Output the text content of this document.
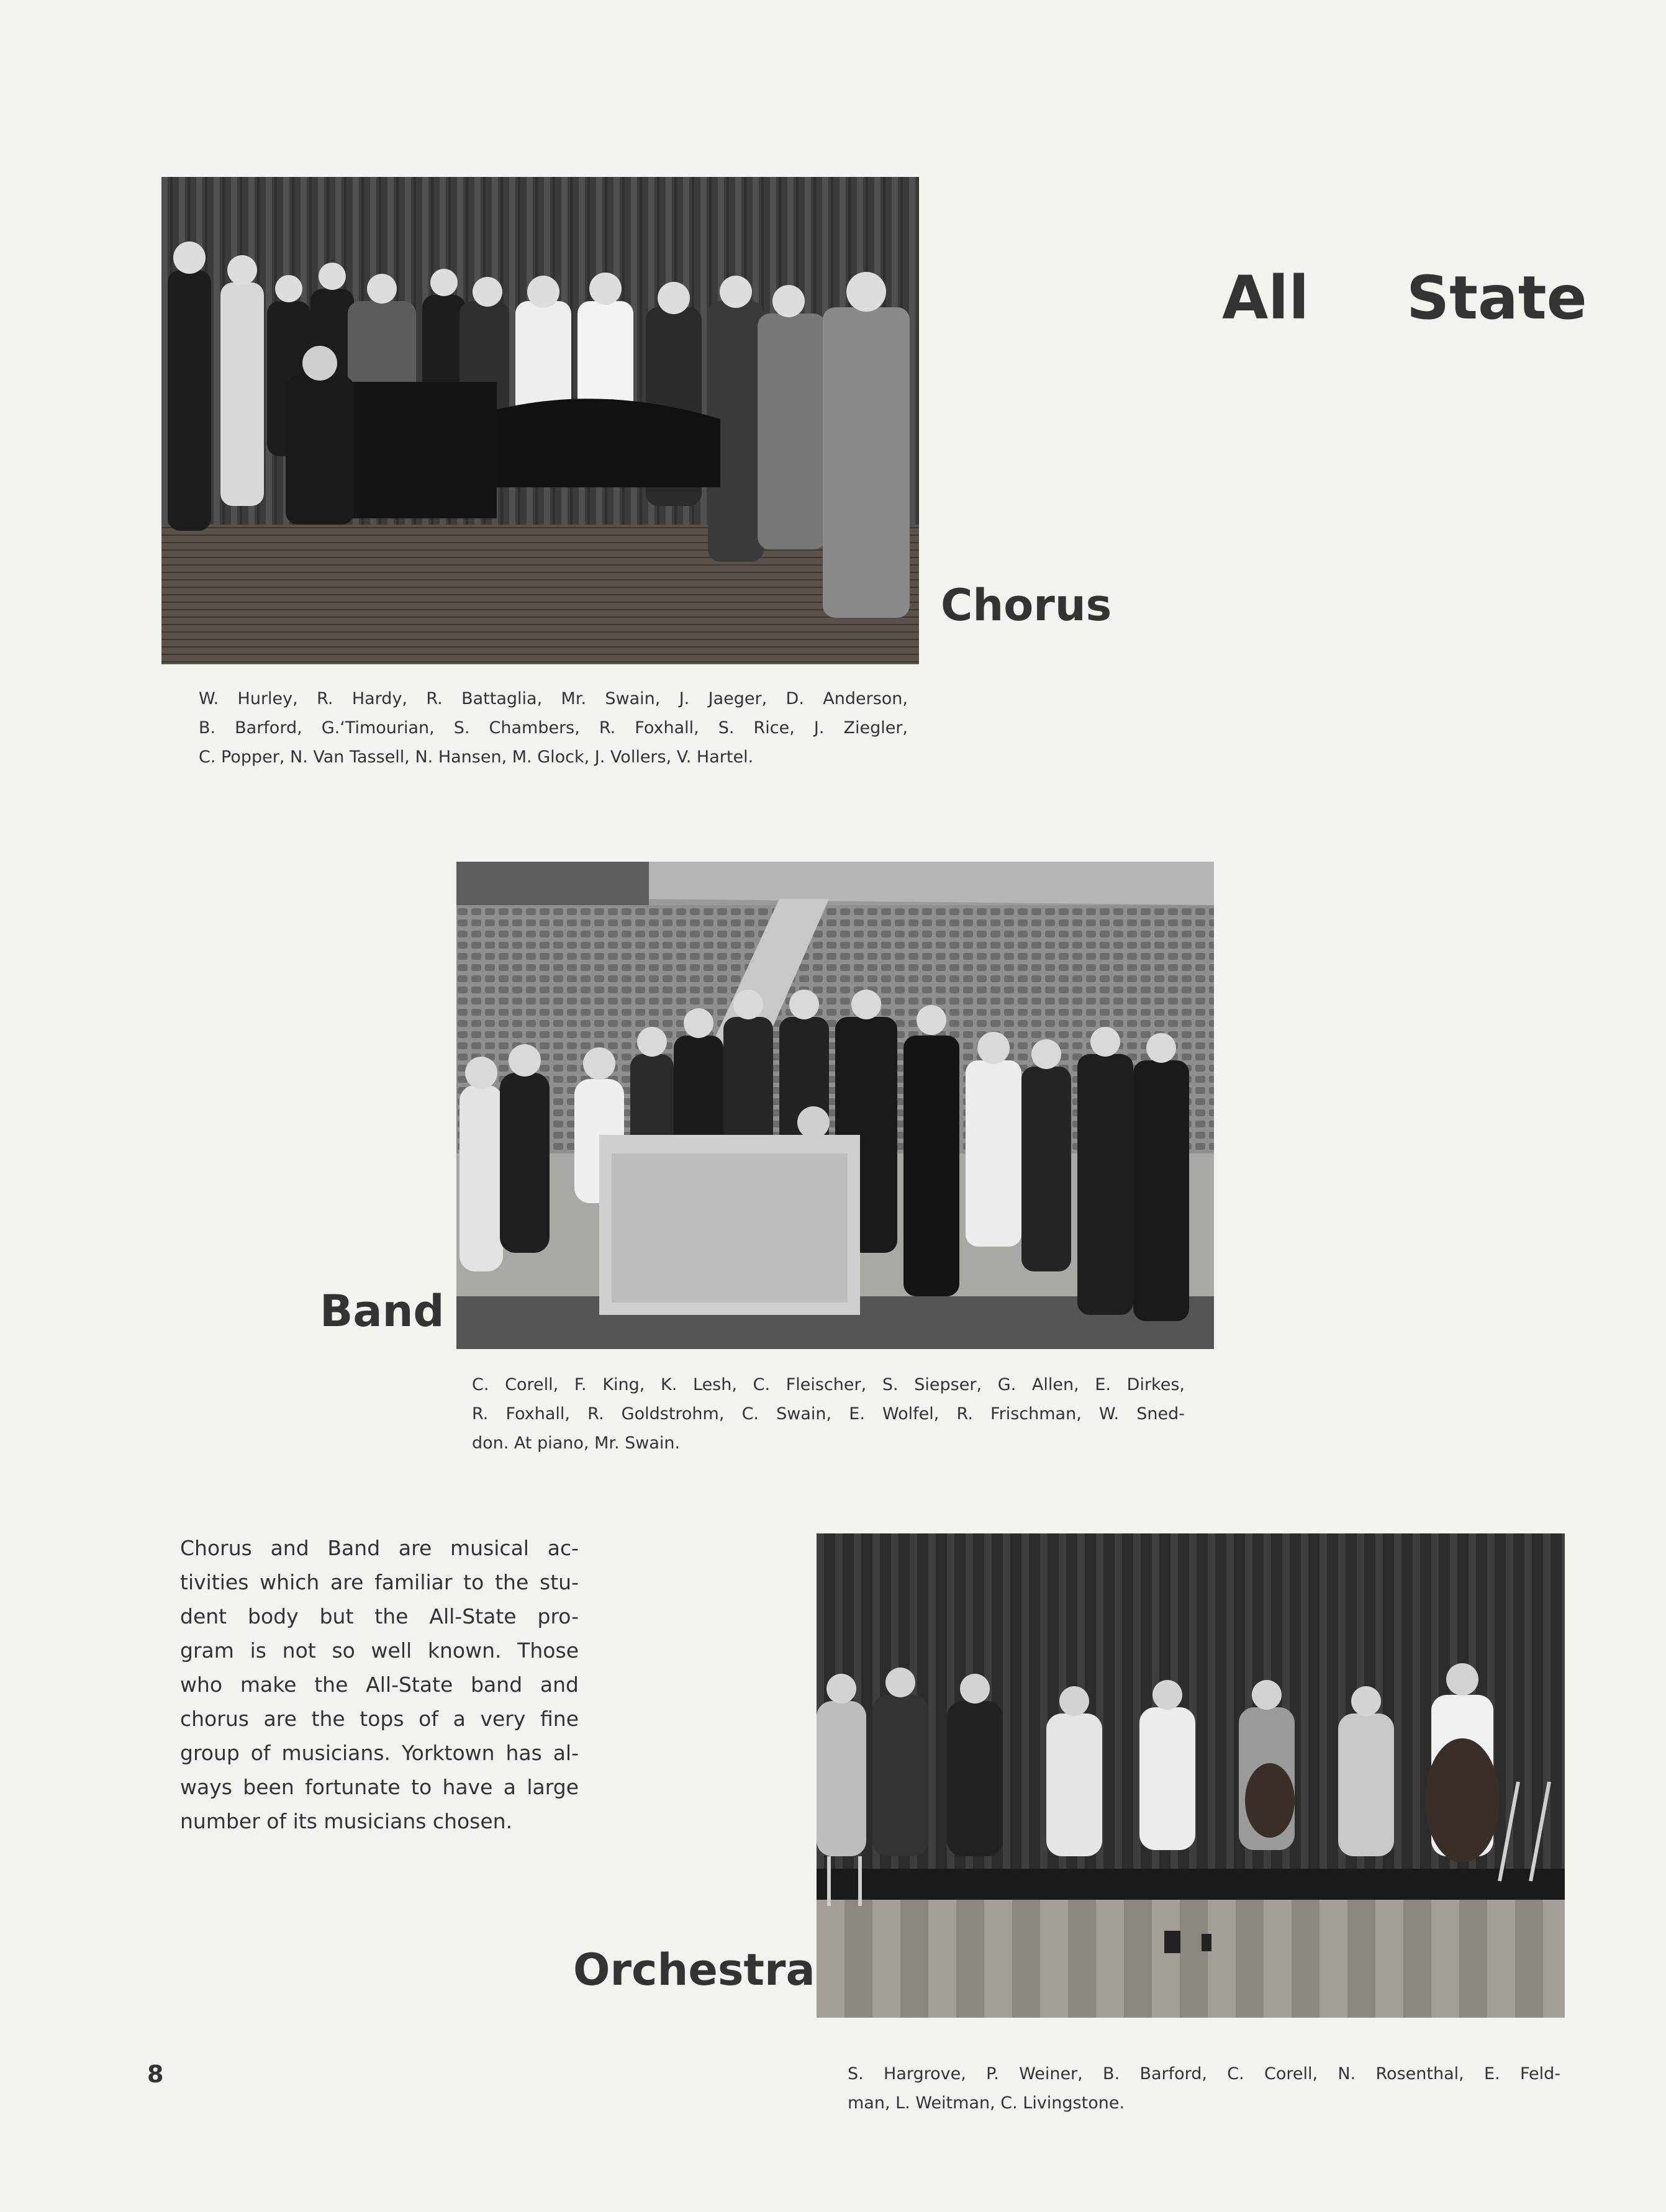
All State
Chorus
W. Hurley, R. Hardy, R. Battaglia, Mr. Swain, J. Jaeger, D. Anderson,
B. Barford, G.‘Timourian, S. Chambers, R. Foxhall, S. Rice, J. Ziegler,
C. Popper, N. Van Tassell, N. Hansen, M. Glock, J. Vollers, V. Hartel.
Band
C. Corell, F. King, K. Lesh, C. Fleischer, S. Siepser, G. Allen, E. Dirkes,
R. Foxhall, R. Goldstrohm, C. Swain, E. Wolfel, R. Frischman, W. Sned-
don. At piano, Mr. Swain.
Chorus and Band are musical ac-
tivities which are familiar to the stu-
dent body but the All-State pro-
gram is not so well known. Those
who make the All-State band and
chorus are the tops of a very fine
group of musicians. Yorktown has al-
ways been fortunate to have a large
number of its musicians chosen.
Orchestra
S. Hargrove, P. Weiner, B. Barford, C. Corell, N. Rosenthal, E. Feld-
man, L. Weitman, C. Livingstone.
8
